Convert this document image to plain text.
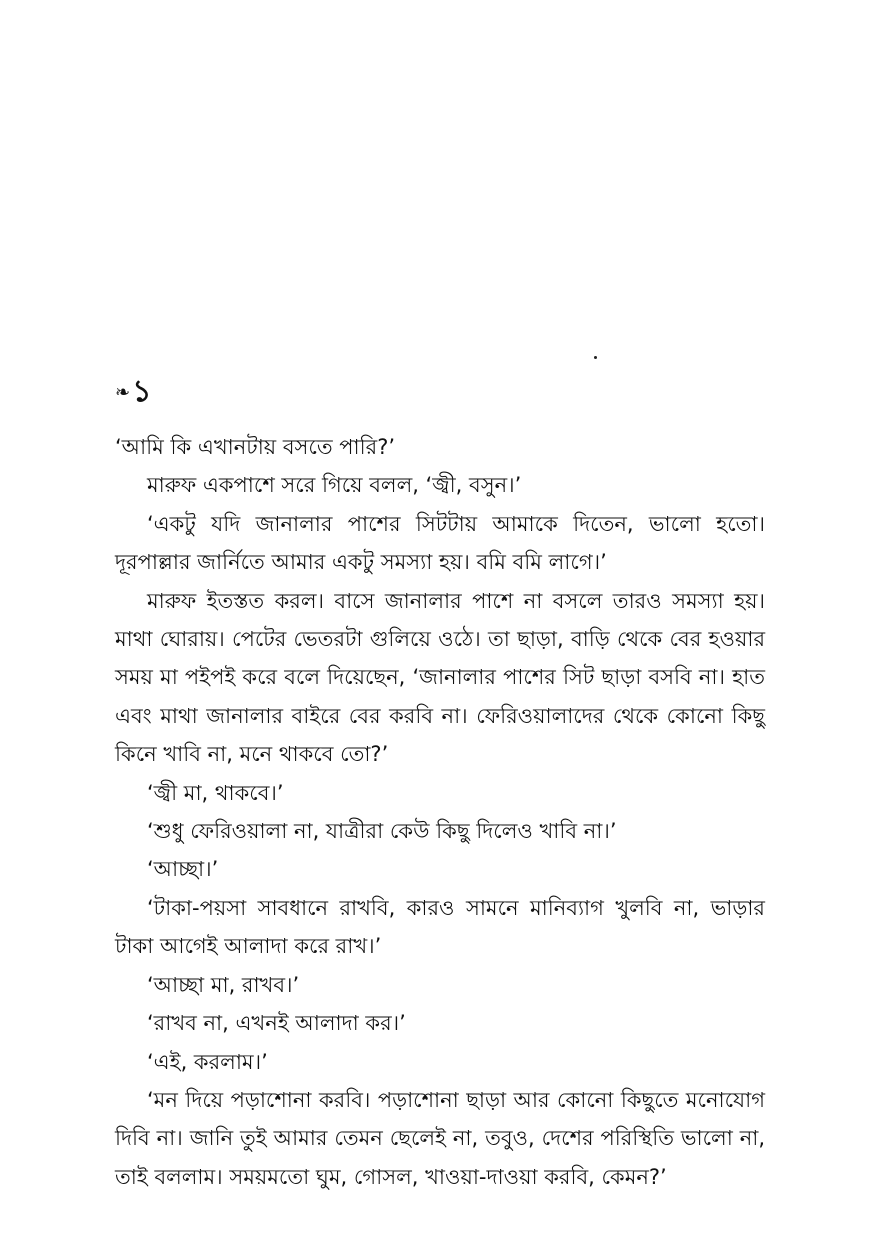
❧১

‘আমি কি এখানটায় বসতে পারি?’

মারুফ একপাশে সরে গিয়ে বলল, ‘জ্বী, বসুন।’

‘একটু যদি জানালার পাশের সিটটায় আমাকে দিতেন, ভালো হতো। দূরপাল্লার জার্নিতে আমার একটু সমস্যা হয়। বমি বমি লাগে।’

মারুফ ইতস্তত করল। বাসে জানালার পাশে না বসলে তারও সমস্যা হয়। মাথা ঘোরায়। পেটের ভেতরটা গুলিয়ে ওঠে। তা ছাড়া, বাড়ি থেকে বের হওয়ার সময় মা পইপই করে বলে দিয়েছেন, ‘জানালার পাশের সিট ছাড়া বসবি না। হাত এবং মাথা জানালার বাইরে বের করবি না। ফেরিওয়ালাদের থেকে কোনো কিছু কিনে খাবি না, মনে থাকবে তো?’

‘জ্বী মা, থাকবে।’

‘শুধু ফেরিওয়ালা না, যাত্রীরা কেউ কিছু দিলেও খাবি না।’

‘আচ্ছা।’

‘টাকা-পয়সা সাবধানে রাখবি, কারও সামনে মানিব্যাগ খুলবি না, ভাড়ার টাকা আগেই আলাদা করে রাখ।’

‘আচ্ছা মা, রাখব।’

‘রাখব না, এখনই আলাদা কর।’

‘এই, করলাম।’

‘মন দিয়ে পড়াশোনা করবি। পড়াশোনা ছাড়া আর কোনো কিছুতে মনোযোগ দিবি না। জানি তুই আমার তেমন ছেলেই না, তবুও, দেশের পরিস্থিতি ভালো না, তাই বললাম। সময়মতো ঘুম, গোসল, খাওয়া-দাওয়া করবি, কেমন?’
